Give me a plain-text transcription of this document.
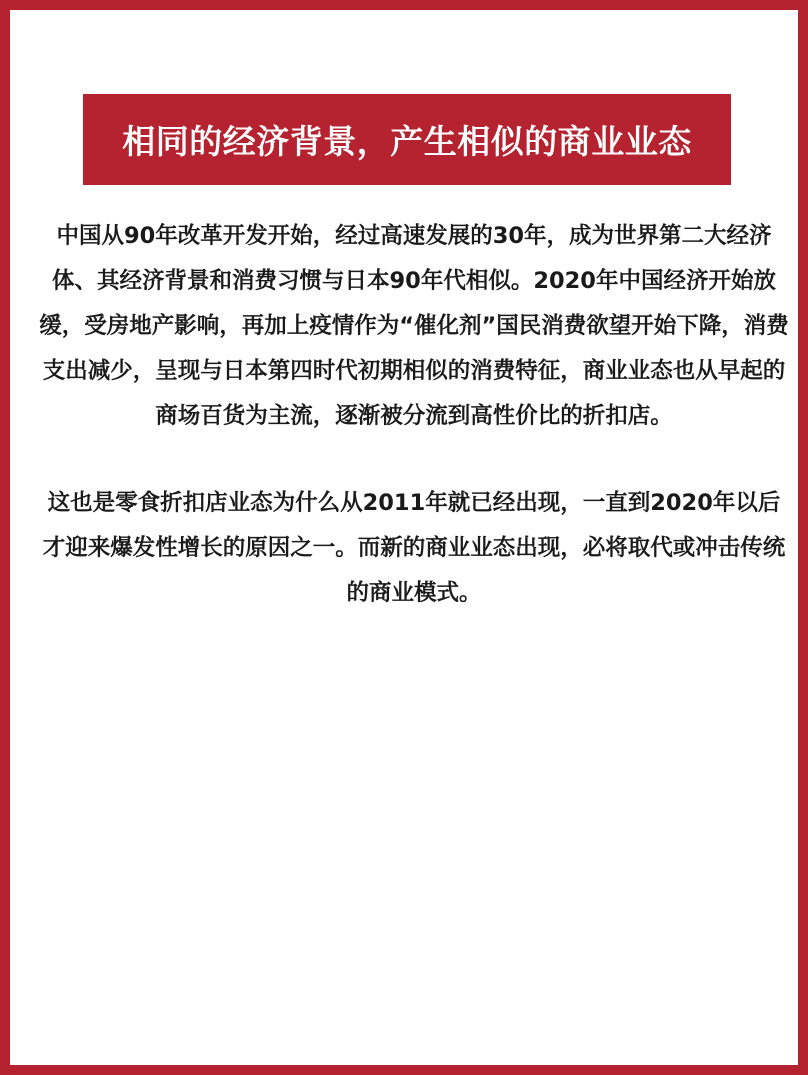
相同的经济背景，产生相似的商业业态

中国从90年改革开发开始，经过高速发展的30年，成为世界第二大经济体、其经济背景和消费习惯与日本90年代相似。2020年中国经济开始放缓，受房地产影响，再加上疫情作为“催化剂”国民消费欲望开始下降，消费支出减少，呈现与日本第四时代初期相似的消费特征，商业业态也从早起的商场百货为主流，逐渐被分流到高性价比的折扣店。

这也是零食折扣店业态为什么从2011年就已经出现，一直到2020年以后才迎来爆发性增长的原因之一。而新的商业业态出现，必将取代或冲击传统的商业模式。
